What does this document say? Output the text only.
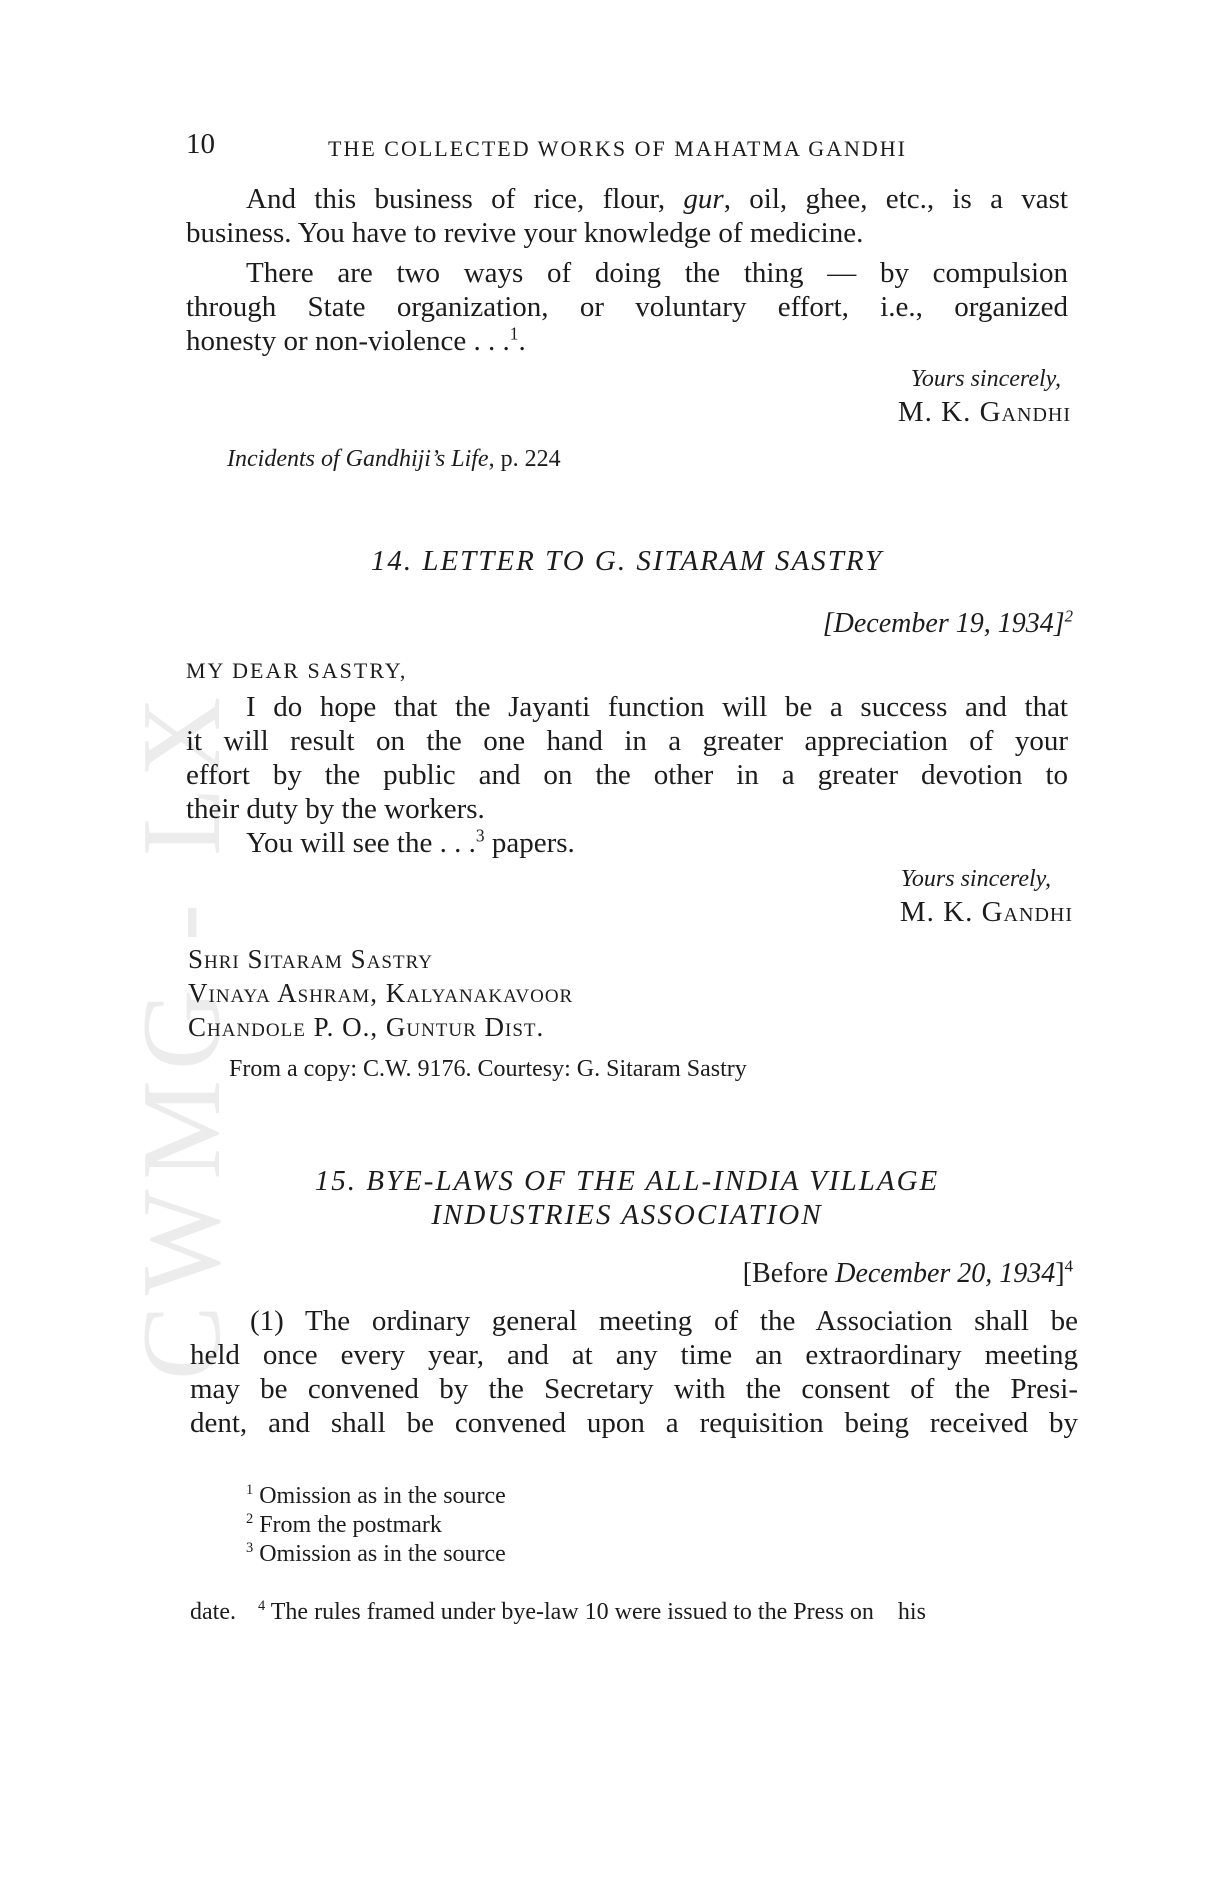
CWMG - LX
10	THE COLLECTED WORKS OF MAHATMA GANDHI
And this business of rice, flour, gur, oil, ghee, etc., is a vast
business. You have to revive your knowledge of medicine.
There are two ways of doing the thing — by compulsion
through State organization, or voluntary effort, i.e., organized
honesty or non-violence . . .$^1$.
Yours sincerely,
M. K. Gandhi
Incidents of Gandhiji’s Life, p. 224
14. LETTER TO G. SITARAM SASTRY
[December 19, 1934]$^2$
MY DEAR SASTRY,
I do hope that the Jayanti function will be a success and that
it will result on the one hand in a greater appreciation of your
effort by the public and on the other in a greater devotion to
their duty by the workers.
You will see the . . .$^3$ papers.
Yours sincerely,
M. K. Gandhi
Shri Sitaram Sastry
Vinaya Ashram, Kalyanakavoor
Chandole P. O., Guntur Dist.
From a copy: C.W. 9176. Courtesy: G. Sitaram Sastry
15. BYE-LAWS OF THE ALL-INDIA VILLAGE
INDUSTRIES ASSOCIATION
[Before December 20, 1934]$^4$
(1) The ordinary general meeting of the Association shall be
held once every year, and at any time an extraordinary meeting
may be convened by the Secretary with the consent of the Presi-
dent, and shall be convened upon a requisition being received by
$^1$ Omission as in the source
$^2$ From the postmark
$^3$ Omission as in the source

$^4$ The rules framed under bye-law 10 were issued to the Press on    his

date.
